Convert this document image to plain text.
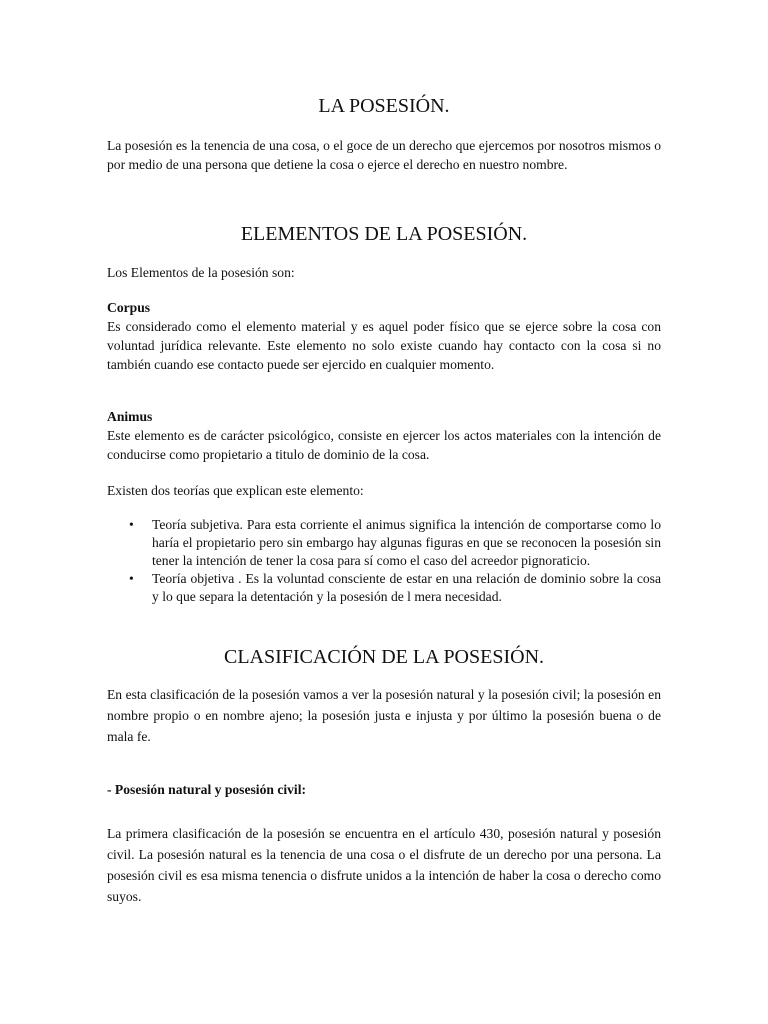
LA POSESIÓN.

La posesión es la tenencia de una cosa, o el goce de un derecho que ejercemos por nosotros mismos o por medio de una persona que detiene la cosa o ejerce el derecho en nuestro nombre.

ELEMENTOS DE LA POSESIÓN.

Los Elementos de la posesión son:

Corpus

Es considerado como el elemento material y es aquel poder físico que se ejerce sobre la cosa con voluntad jurídica relevante. Este elemento no solo existe cuando hay contacto con la cosa si no también cuando ese contacto puede ser ejercido en cualquier momento.

Animus

Este elemento es de carácter psicológico, consiste en ejercer los actos materiales con la intención de conducirse como propietario a titulo de dominio de la cosa.

Existen dos teorías que explican este elemento:

• Teoría subjetiva. Para esta corriente el animus significa la intención de comportarse como lo haría el propietario pero sin embargo hay algunas figuras en que se reconocen la posesión sin tener la intención de tener la cosa para sí como el caso del acreedor pignoraticio.
• Teoría objetiva . Es la voluntad consciente de estar en una relación de dominio sobre la cosa y lo que separa la detentación y la posesión de l mera necesidad.
CLASIFICACIÓN DE LA POSESIÓN.

En esta clasificación de la posesión vamos a ver la posesión natural y la posesión civil; la posesión en nombre propio o en nombre ajeno; la posesión justa e injusta y por último la posesión buena o de mala fe.

- Posesión natural y posesión civil:

La primera clasificación de la posesión se encuentra en el artículo 430, posesión natural y posesión civil. La posesión natural es la tenencia de una cosa o el disfrute de un derecho por una persona. La posesión civil es esa misma tenencia o disfrute unidos a la intención de haber la cosa o derecho como suyos.
